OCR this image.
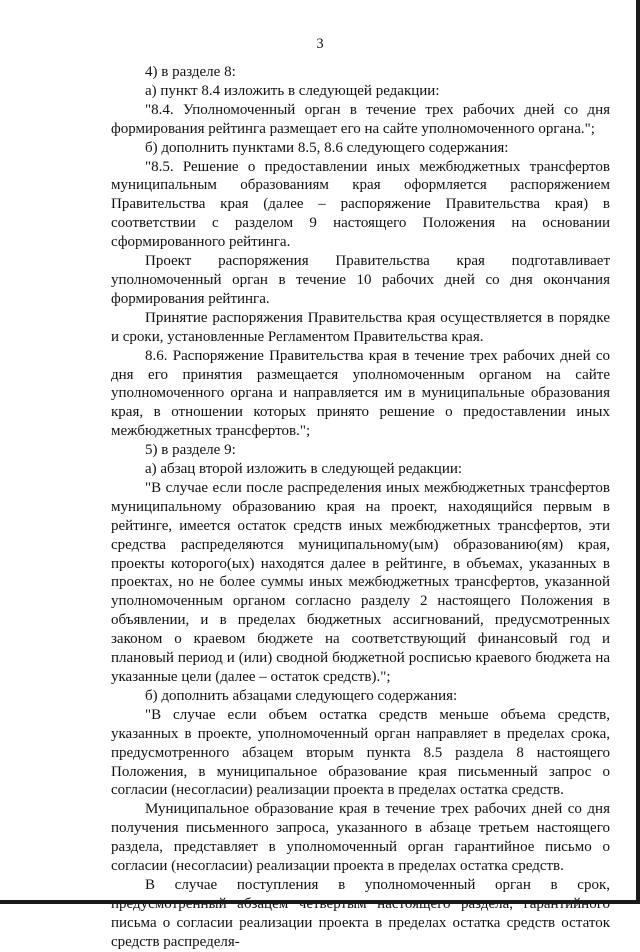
3

4) в разделе 8:

а) пункт 8.4 изложить в следующей редакции:

"8.4. Уполномоченный орган в течение трех рабочих дней со дня формирования рейтинга размещает его на сайте уполномоченного органа.";

б) дополнить пунктами 8.5, 8.6 следующего содержания:

"8.5. Решение о предоставлении иных межбюджетных трансфертов муниципальным образованиям края оформляется распоряжением Правительства края (далее – распоряжение Правительства края) в соответствии с разделом 9 настоящего Положения на основании сформированного рейтинга.

Проект распоряжения Правительства края подготавливает уполномоченный орган в течение 10 рабочих дней со дня окончания формирования рейтинга.

Принятие распоряжения Правительства края осуществляется в порядке и сроки, установленные Регламентом Правительства края.

8.6. Распоряжение Правительства края в течение трех рабочих дней со дня его принятия размещается уполномоченным органом на сайте уполномоченного органа и направляется им в муниципальные образования края, в отношении которых принято решение о предоставлении иных межбюджетных трансфертов.";

5) в разделе 9:

а) абзац второй изложить в следующей редакции:

"В случае если после распределения иных межбюджетных трансфертов муниципальному образованию края на проект, находящийся первым в рейтинге, имеется остаток средств иных межбюджетных трансфертов, эти средства распределяются муниципальному(ым) образованию(ям) края, проекты которого(ых) находятся далее в рейтинге, в объемах, указанных в проектах, но не более суммы иных межбюджетных трансфертов, указанной уполномоченным органом согласно разделу 2 настоящего Положения в объявлении, и в пределах бюджетных ассигнований, предусмотренных законом о краевом бюджете на соответствующий финансовый год и плановый период и (или) сводной бюджетной росписью краевого бюджета на указанные цели (далее – остаток средств).";

б) дополнить абзацами следующего содержания:

"В случае если объем остатка средств меньше объема средств, указанных в проекте, уполномоченный орган направляет в пределах срока, предусмотренного абзацем вторым пункта 8.5 раздела 8 настоящего Положения, в муниципальное образование края письменный запрос о согласии (несогласии) реализации проекта в пределах остатка средств.

Муниципальное образование края в течение трех рабочих дней со дня получения письменного запроса, указанного в абзаце третьем настоящего раздела, представляет в уполномоченный орган гарантийное письмо о согласии (несогласии) реализации проекта в пределах остатка средств.

В случае поступления в уполномоченный орган в срок, письма о согласии реализации проекта в пределах остатка средств остаток средств распределя-
